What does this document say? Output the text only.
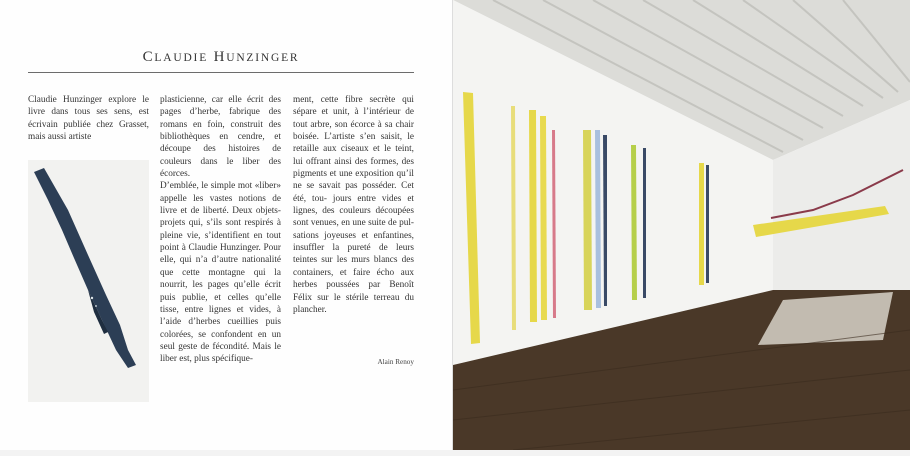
CLAUDIE HUNZINGER

Claudie Hunzinger explore le livre dans tous ses sens, est écrivain publiée chez Grasset, mais aussi artiste

plasticienne, car elle écrit des pages d’herbe, fabrique des romans en foin, construit des bibliothèques en cendre, et découpe des histoires de couleurs dans le liber des écorces.

D’emblée, le simple mot «liber» appelle les vastes notions de livre et de liberté. Deux objets-projets qui, s’ils sont respirés à pleine vie, s’identifient en tout point à Claudie Hunzinger. Pour elle, qui n’a d’autre nationalité que cette montagne qui la nourrit, les pages qu’elle écrit puis publie, et celles qu’elle tisse, entre lignes et vides, à l’aide d’herbes cueillies puis colorées, se confondent en un seul geste de fécondité. Mais le liber est, plus spécifique-

ment, cette fibre secrète qui sépare et unit, à l’intérieur de tout arbre, son écorce à sa chair boisée. L’artiste s’en saisit, le retaille aux ciseaux et le teint, lui offrant ainsi des formes, des pigments et une exposition qu’il ne se savait pas posséder. Cet été, tou- jours entre vides et lignes, des couleurs découpées sont venues, en une suite de pul- sations joyeuses et enfantines, insuffler la pureté de leurs teintes sur les murs blancs des containers, et faire écho aux herbes poussées par Benoît Félix sur le stérile terreau du plancher.

Alain Renoy
